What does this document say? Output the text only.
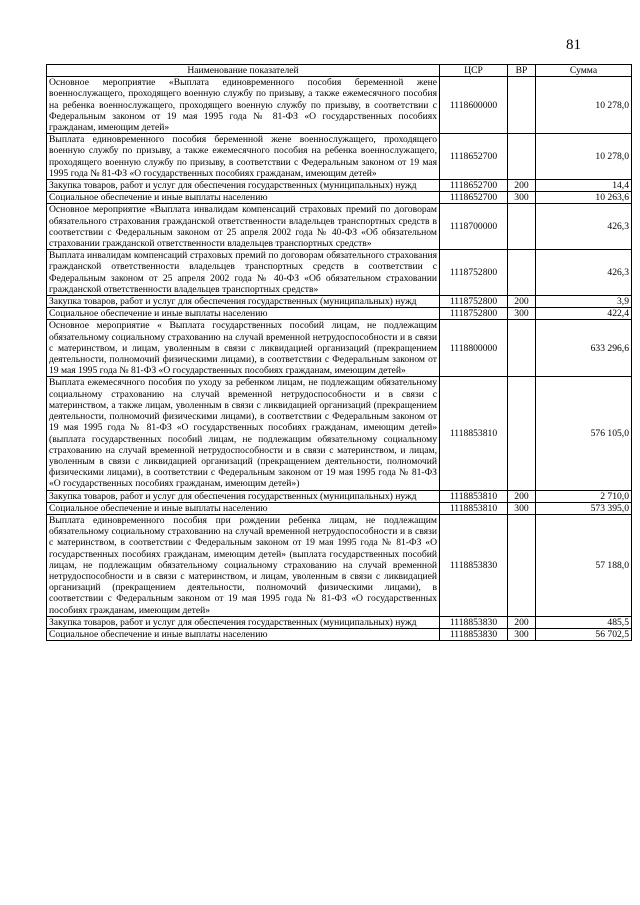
81
Наименование показателей	ЦСР	ВР	Сумма
Основное мероприятие «Выплата единовременного пособия беременной жене военнослужащего, проходящего военную службу по призыву, а также ежемесячного пособия на ребенка военнослужащего, проходящего военную службу по призыву, в соответствии с Федеральным законом от 19 мая 1995 года № 81-ФЗ «О государственных пособиях гражданам, имеющим детей»	1118600000		10 278,0
Выплата единовременного пособия беременной жене военнослужащего, проходящего военную службу по призыву, а также ежемесячного пособия на ребенка военнослужащего, проходящего военную службу по призыву, в соответствии с Федеральным законом от 19 мая 1995 года № 81-ФЗ «О государственных пособиях гражданам, имеющим детей»	1118652700		10 278,0
Закупка товаров, работ и услуг для обеспечения государственных (муниципальных) нужд	1118652700	200	14,4
Социальное обеспечение и иные выплаты населению	1118652700	300	10 263,6
Основное мероприятие «Выплата инвалидам компенсаций страховых премий по договорам обязательного страхования гражданской ответственности владельцев транспортных средств в соответствии с Федеральным законом от 25 апреля 2002 года № 40-ФЗ «Об обязательном страховании гражданской ответственности владельцев транспортных средств»	1118700000		426,3
Выплата инвалидам компенсаций страховых премий по договорам обязательного страхования гражданской ответственности владельцев транспортных средств в соответствии с Федеральным законом от 25 апреля 2002 года № 40-ФЗ «Об обязательном страховании гражданской ответственности владельцев транспортных средств»	1118752800		426,3
Закупка товаров, работ и услуг для обеспечения государственных (муниципальных) нужд	1118752800	200	3,9
Социальное обеспечение и иные выплаты населению	1118752800	300	422,4
Основное мероприятие « Выплата государственных пособий лицам, не подлежащим обязательному социальному страхованию на случай временной нетрудоспособности и в связи с материнством, и лицам, уволенным в связи с ликвидацией организаций (прекращением деятельности, полномочий физическими лицами), в соответствии с Федеральным законом от 19 мая 1995 года № 81-ФЗ «О государственных пособиях гражданам, имеющим детей»	1118800000		633 296,6
Выплата ежемесячного пособия по уходу за ребенком лицам, не подлежащим обязательному социальному страхованию на случай временной нетрудоспособности и в связи с материнством, а также лицам, уволенным в связи с ликвидацией организаций (прекращением деятельности, полномочий физическими лицами), в соответствии с Федеральным законом от 19 мая 1995 года № 81-ФЗ «О государственных пособиях гражданам, имеющим детей» (выплата государственных пособий лицам, не подлежащим обязательному социальному страхованию на случай временной нетрудоспособности и в связи с материнством, и лицам, уволенным в связи с ликвидацией организаций (прекращением деятельности, полномочий физическими лицами), в соответствии с Федеральным законом от 19 мая 1995 года № 81-ФЗ «О государственных пособиях гражданам, имеющим детей»)	1118853810		576 105,0
Закупка товаров, работ и услуг для обеспечения государственных (муниципальных) нужд	1118853810	200	2 710,0
Социальное обеспечение и иные выплаты населению	1118853810	300	573 395,0
Выплата единовременного пособия при рождении ребенка лицам, не подлежащим обязательному социальному страхованию на случай временной нетрудоспособности и в связи с материнством, в соответствии с Федеральным законом от 19 мая 1995 года № 81-ФЗ «О государственных пособиях гражданам, имеющим детей» (выплата государственных пособий лицам, не подлежащим обязательному социальному страхованию на случай временной нетрудоспособности и в связи с материнством, и лицам, уволенным в связи с ликвидацией организаций (прекращением деятельности, полномочий физическими лицами), в соответствии с Федеральным законом от 19 мая 1995 года № 81-ФЗ «О государственных пособиях гражданам, имеющим детей»	1118853830		57 188,0
Закупка товаров, работ и услуг для обеспечения государственных (муниципальных) нужд	1118853830	200	485,5
Социальное обеспечение и иные выплаты населению	1118853830	300	56 702,5
